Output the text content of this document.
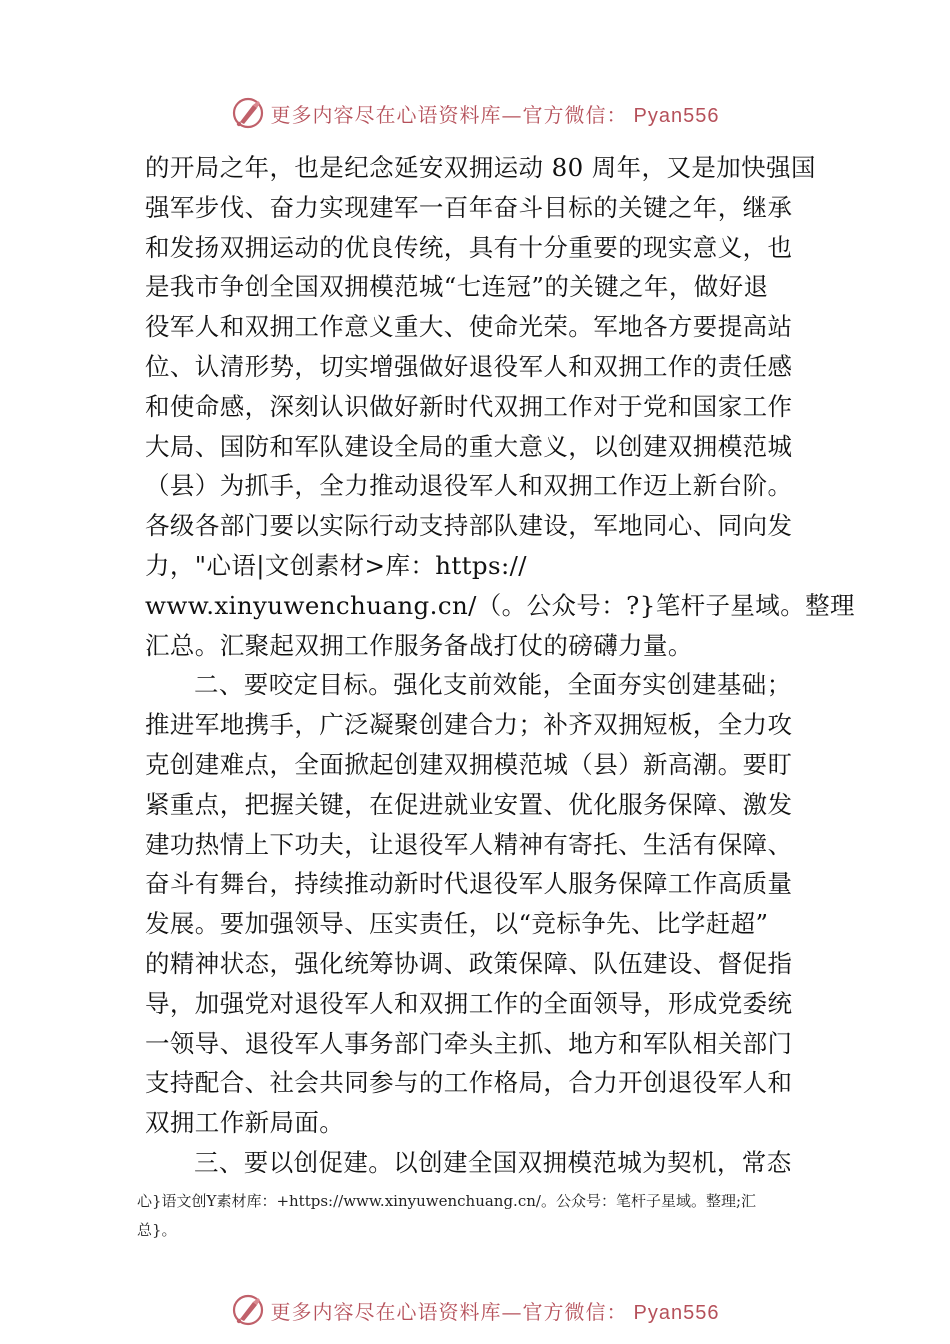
更多内容尽在心语资料库—官方微信： Pyan556
的开局之年，也是纪念延安双拥运动 80 周年，又是加快强国
强军步伐、奋力实现建军一百年奋斗目标的关键之年，继承
和发扬双拥运动的优良传统，具有十分重要的现实意义，也
是我市争创全国双拥模范城“七连冠”的关键之年，做好退
役军人和双拥工作意义重大、使命光荣。军地各方要提高站
位、认清形势，切实增强做好退役军人和双拥工作的责任感
和使命感，深刻认识做好新时代双拥工作对于党和国家工作
大局、国防和军队建设全局的重大意义，以创建双拥模范城
（县）为抓手，全力推动退役军人和双拥工作迈上新台阶。
各级各部门要以实际行动支持部队建设，军地同心、同向发
力，"心语|文创素材>库：https://
www.xinyuwenchuang.cn/（。公众号：?}笔杆子星域。整理
汇总。汇聚起双拥工作服务备战打仗的磅礴力量。
二、要咬定目标。强化支前效能，全面夯实创建基础；
推进军地携手，广泛凝聚创建合力；补齐双拥短板，全力攻
克创建难点，全面掀起创建双拥模范城（县）新高潮。要盯
紧重点，把握关键，在促进就业安置、优化服务保障、激发
建功热情上下功夫，让退役军人精神有寄托、生活有保障、
奋斗有舞台，持续推动新时代退役军人服务保障工作高质量
发展。要加强领导、压实责任，以“竞标争先、比学赶超”
的精神状态，强化统筹协调、政策保障、队伍建设、督促指
导，加强党对退役军人和双拥工作的全面领导，形成党委统
一领导、退役军人事务部门牵头主抓、地方和军队相关部门
支持配合、社会共同参与的工作格局，合力开创退役军人和
双拥工作新局面。
三、要以创促建。以创建全国双拥模范城为契机，常态
心}语文创Y素材库：+https://www.xinyuwenchuang.cn/。公众号：笔杆子星域。整理;汇
总}。
更多内容尽在心语资料库—官方微信： Pyan556
